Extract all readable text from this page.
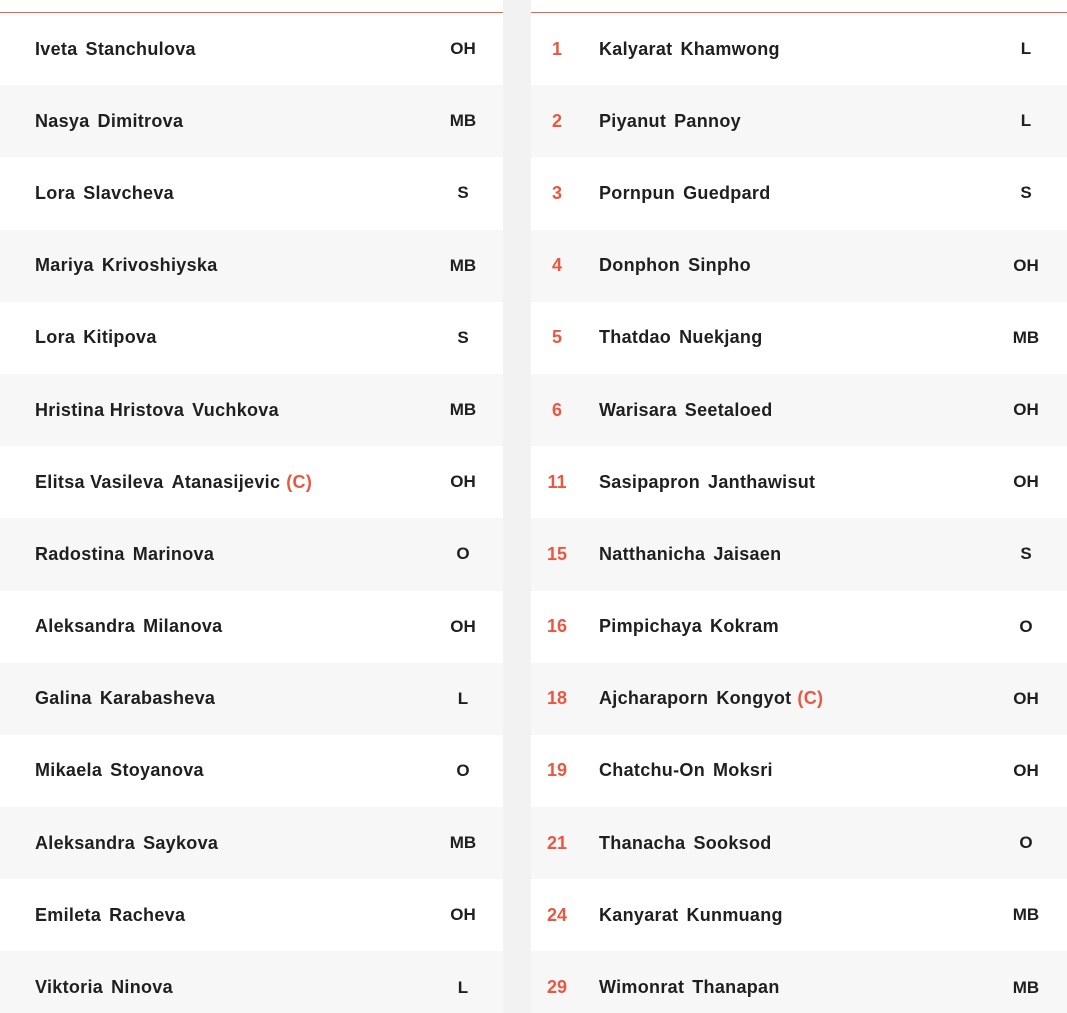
Iveta Stanchulova	OH
Nasya Dimitrova	MB
Lora Slavcheva	S
Mariya Krivoshiyska	MB
Lora Kitipova	S
Hristina Hristova Vuchkova	MB
Elitsa Vasileva Atanasijevic (C)	OH
Radostina Marinova	O
Aleksandra Milanova	OH
Galina Karabasheva	L
Mikaela Stoyanova	O
Aleksandra Saykova	MB
Emileta Racheva	OH
Viktoria Ninova	L
1	Kalyarat Khamwong	L
2	Piyanut Pannoy	L
3	Pornpun Guedpard	S
4	Donphon Sinpho	OH
5	Thatdao Nuekjang	MB
6	Warisara Seetaloed	OH
11	Sasipapron Janthawisut	OH
15	Natthanicha Jaisaen	S
16	Pimpichaya Kokram	O
18	Ajcharaporn Kongyot (C)	OH
19	Chatchu-On Moksri	OH
21	Thanacha Sooksod	O
24	Kanyarat Kunmuang	MB
29	Wimonrat Thanapan	MB
